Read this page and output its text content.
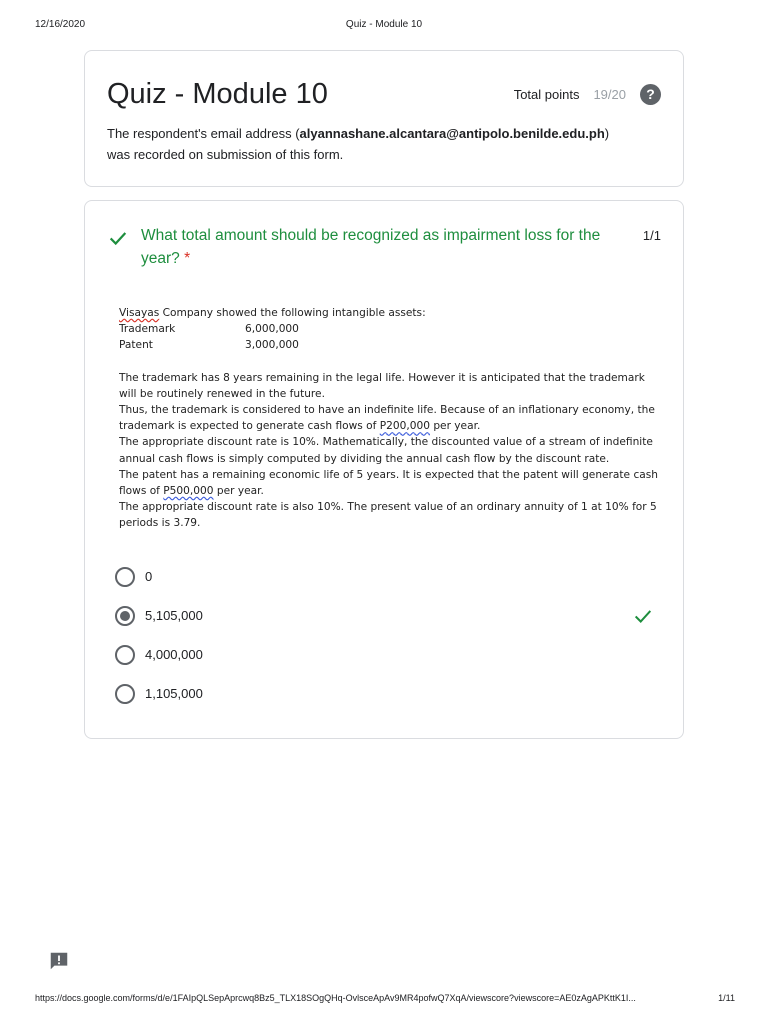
12/16/2020	Quiz - Module 10
Quiz - Module 10	Total points 19/20	?
The respondent's email address (alyannashane.alcantara@antipolo.benilde.edu.ph) was recorded on submission of this form.
What total amount should be recognized as impairment loss for the year? *
1/1

Visayas Company showed the following intangible assets:

Trademark	6,000,000
Patent	3,000,000

The trademark has 8 years remaining in the legal life. However it is anticipated that the trademark will be routinely renewed in the future.

Thus, the trademark is considered to have an indefinite life. Because of an inflationary economy, the trademark is expected to generate cash flows of P200,000 per year.

The appropriate discount rate is 10%. Mathematically, the discounted value of a stream of indefinite annual cash flows is simply computed by dividing the annual cash flow by the discount rate.

The patent has a remaining economic life of 5 years. It is expected that the patent will generate cash flows of P500,000 per year.

The appropriate discount rate is also 10%. The present value of an ordinary annuity of 1 at 10% for 5 periods is 3.79.

0
5,105,000
4,000,000
1,105,000
https://docs.google.com/forms/d/e/1FAIpQLSepAprcwq8Bz5_TLX18SOgQHq-OvlsceApAv9MR4pofwQ7XqA/viewscore?viewscore=AE0zAgAPKttK1I...	1/11
